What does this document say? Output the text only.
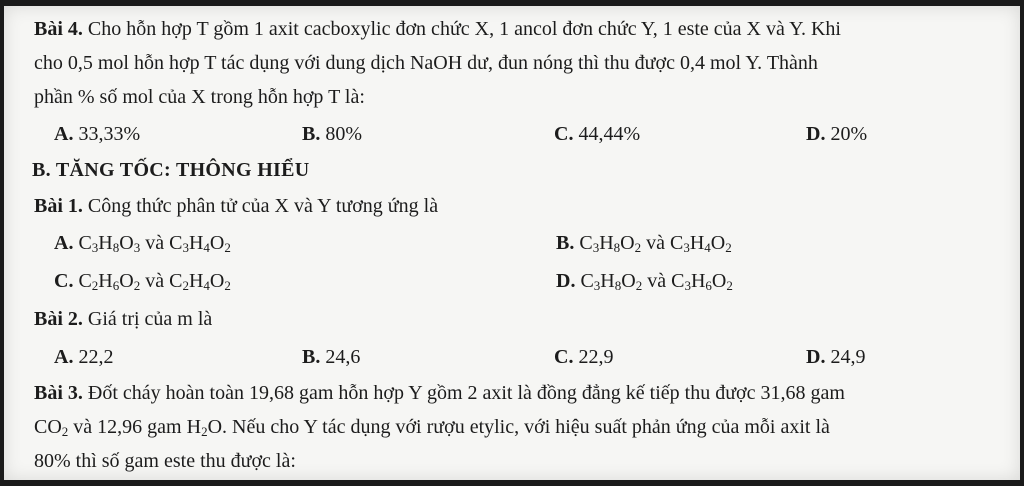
Bài 4. Cho hỗn hợp T gồm 1 axit cacboxylic đơn chức X, 1 ancol đơn chức Y, 1 este của X và Y. Khi
cho 0,5 mol hỗn hợp T tác dụng với dung dịch NaOH dư, đun nóng thì thu được 0,4 mol Y. Thành
phần % số mol của X trong hỗn hợp T là:
A. 33,33%	B. 80%	C. 44,44%	D. 20%
B. TĂNG TỐC: THÔNG HIỂU
Bài 1. Công thức phân tử của X và Y tương ứng là
A. $C_3H_8O_3$ và $C_3H_4O_2$	B. $C_3H_8O_2$ và $C_3H_4O_2$
C. $C_2H_6O_2$ và $C_2H_4O_2$	D. $C_3H_8O_2$ và $C_3H_6O_2$
Bài 2. Giá trị của m là
A. 22,2	B. 24,6	C. 22,9	D. 24,9
Bài 3. Đốt cháy hoàn toàn 19,68 gam hỗn hợp Y gồm 2 axit là đồng đẳng kế tiếp thu được 31,68 gam
$CO_2$ và 12,96 gam $H_2O$. Nếu cho Y tác dụng với rượu etylic, với hiệu suất phản ứng của mỗi axit là
80% thì số gam este thu được là:
